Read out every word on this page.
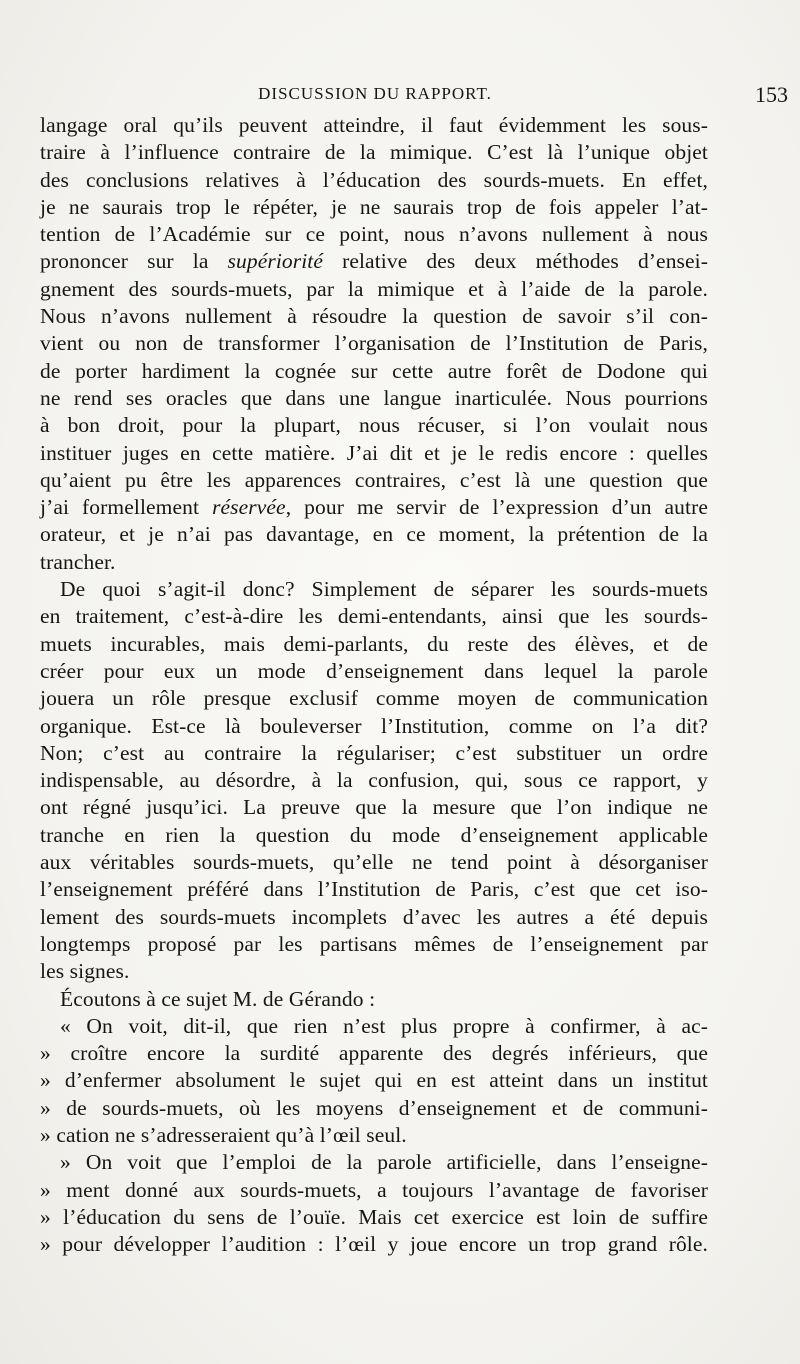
DISCUSSION DU RAPPORT.	153
langage oral qu’ils peuvent atteindre, il faut évidemment les sous-
traire à l’influence contraire de la mimique. C’est là l’unique objet
des conclusions relatives à l’éducation des sourds-muets. En effet,
je ne saurais trop le répéter, je ne saurais trop de fois appeler l’at-
tention de l’Académie sur ce point, nous n’avons nullement à nous
prononcer sur la supériorité relative des deux méthodes d’ensei-
gnement des sourds-muets, par la mimique et à l’aide de la parole.
Nous n’avons nullement à résoudre la question de savoir s’il con-
vient ou non de transformer l’organisation de l’Institution de Paris,
de porter hardiment la cognée sur cette autre forêt de Dodone qui
ne rend ses oracles que dans une langue inarticulée. Nous pourrions
à bon droit, pour la plupart, nous récuser, si l’on voulait nous
instituer juges en cette matière. J’ai dit et je le redis encore : quelles
qu’aient pu être les apparences contraires, c’est là une question que
j’ai formellement réservée, pour me servir de l’expression d’un autre
orateur, et je n’ai pas davantage, en ce moment, la prétention de la
trancher.
De quoi s’agit-il donc? Simplement de séparer les sourds-muets
en traitement, c’est-à-dire les demi-entendants, ainsi que les sourds-
muets incurables, mais demi-parlants, du reste des élèves, et de
créer pour eux un mode d’enseignement dans lequel la parole
jouera un rôle presque exclusif comme moyen de communication
organique. Est-ce là bouleverser l’Institution, comme on l’a dit?
Non; c’est au contraire la régulariser; c’est substituer un ordre
indispensable, au désordre, à la confusion, qui, sous ce rapport, y
ont régné jusqu’ici. La preuve que la mesure que l’on indique ne
tranche en rien la question du mode d’enseignement applicable
aux véritables sourds-muets, qu’elle ne tend point à désorganiser
l’enseignement préféré dans l’Institution de Paris, c’est que cet iso-
lement des sourds-muets incomplets d’avec les autres a été depuis
longtemps proposé par les partisans mêmes de l’enseignement par
les signes.
Écoutons à ce sujet M. de Gérando :
« On voit, dit-il, que rien n’est plus propre à confirmer, à ac-
» croître encore la surdité apparente des degrés inférieurs, que
» d’enfermer absolument le sujet qui en est atteint dans un institut
» de sourds-muets, où les moyens d’enseignement et de communi-
» cation ne s’adresseraient qu’à l’œil seul.
» On voit que l’emploi de la parole artificielle, dans l’enseigne-
» ment donné aux sourds-muets, a toujours l’avantage de favoriser
» l’éducation du sens de l’ouïe. Mais cet exercice est loin de suffire
» pour développer l’audition : l’œil y joue encore un trop grand rôle.
